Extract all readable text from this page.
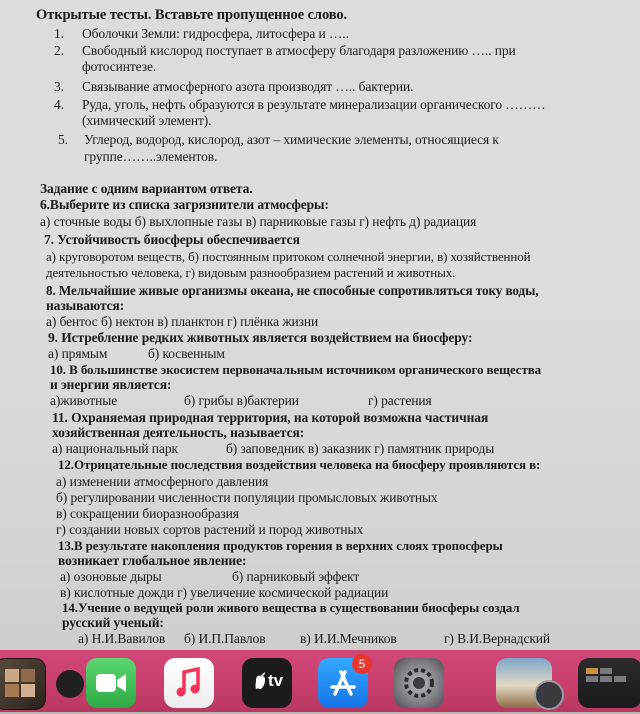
Открытые тесты. Вставьте пропущенное слово.
1. Оболочки Земли: гидросфера, литосфера и …..
2. Свободный кислород поступает в атмосферу благодаря разложению ….. при
фотосинтезе.
3. Связывание атмосферного азота производят ….. бактерии.
4. Руда, уголь, нефть образуются в результате минерализации органического ………
(химический элемент).
5. Углерод, водород, кислород, азот – химические элементы, относящиеся к
группе……..элементов.
Задание с одним вариантом ответа.
6.Выберите из списка загрязнители атмосферы:
а) сточные воды б) выхлопные газы в) парниковые газы г) нефть д) радиация
7. Устойчивость биосферы обеспечивается
а) круговоротом веществ, б) постоянным притоком солнечной энергии, в) хозяйственной
деятельностью человека, г) видовым разнообразием растений и животных.
8. Мельчайшие живые организмы океана, не способные сопротивляться току воды,
называются:
а) бентос б) нектон в) планктон г) плёнка жизни
9. Истребление редких животных является воздействием на биосферу:
а) прямым	б) косвенным
10. В большинстве экосистем первоначальным источником органического вещества
и энергии является:
а)животные	б) грибы в)бактерии	г) растения
11. Охраняемая природная территория, на которой возможна частичная
хозяйственная деятельность, называется:
а) национальный парк	б) заповедник в) заказник г) памятник природы
12.Отрицательные последствия воздействия человека на биосферу проявляются в:
а) изменении атмосферного давления
б) регулировании численности популяции промысловых животных
в) сокращении биоразнообразия
г) создании новых сортов растений и пород животных
13.В результате накопления продуктов горения в верхних слоях тропосферы
возникает глобальное явление:
а) озоновые дыры	б) парниковый эффект
в) кислотные дожди г) увеличение космической радиации
14.Учение о ведущей роли живого вещества в существовании биосферы создал
русский ученый:
а) Н.И.Вавилов б) И.П.Павлов	в) И.И.Мечников	г) В.И.Вернадский
tv
5
